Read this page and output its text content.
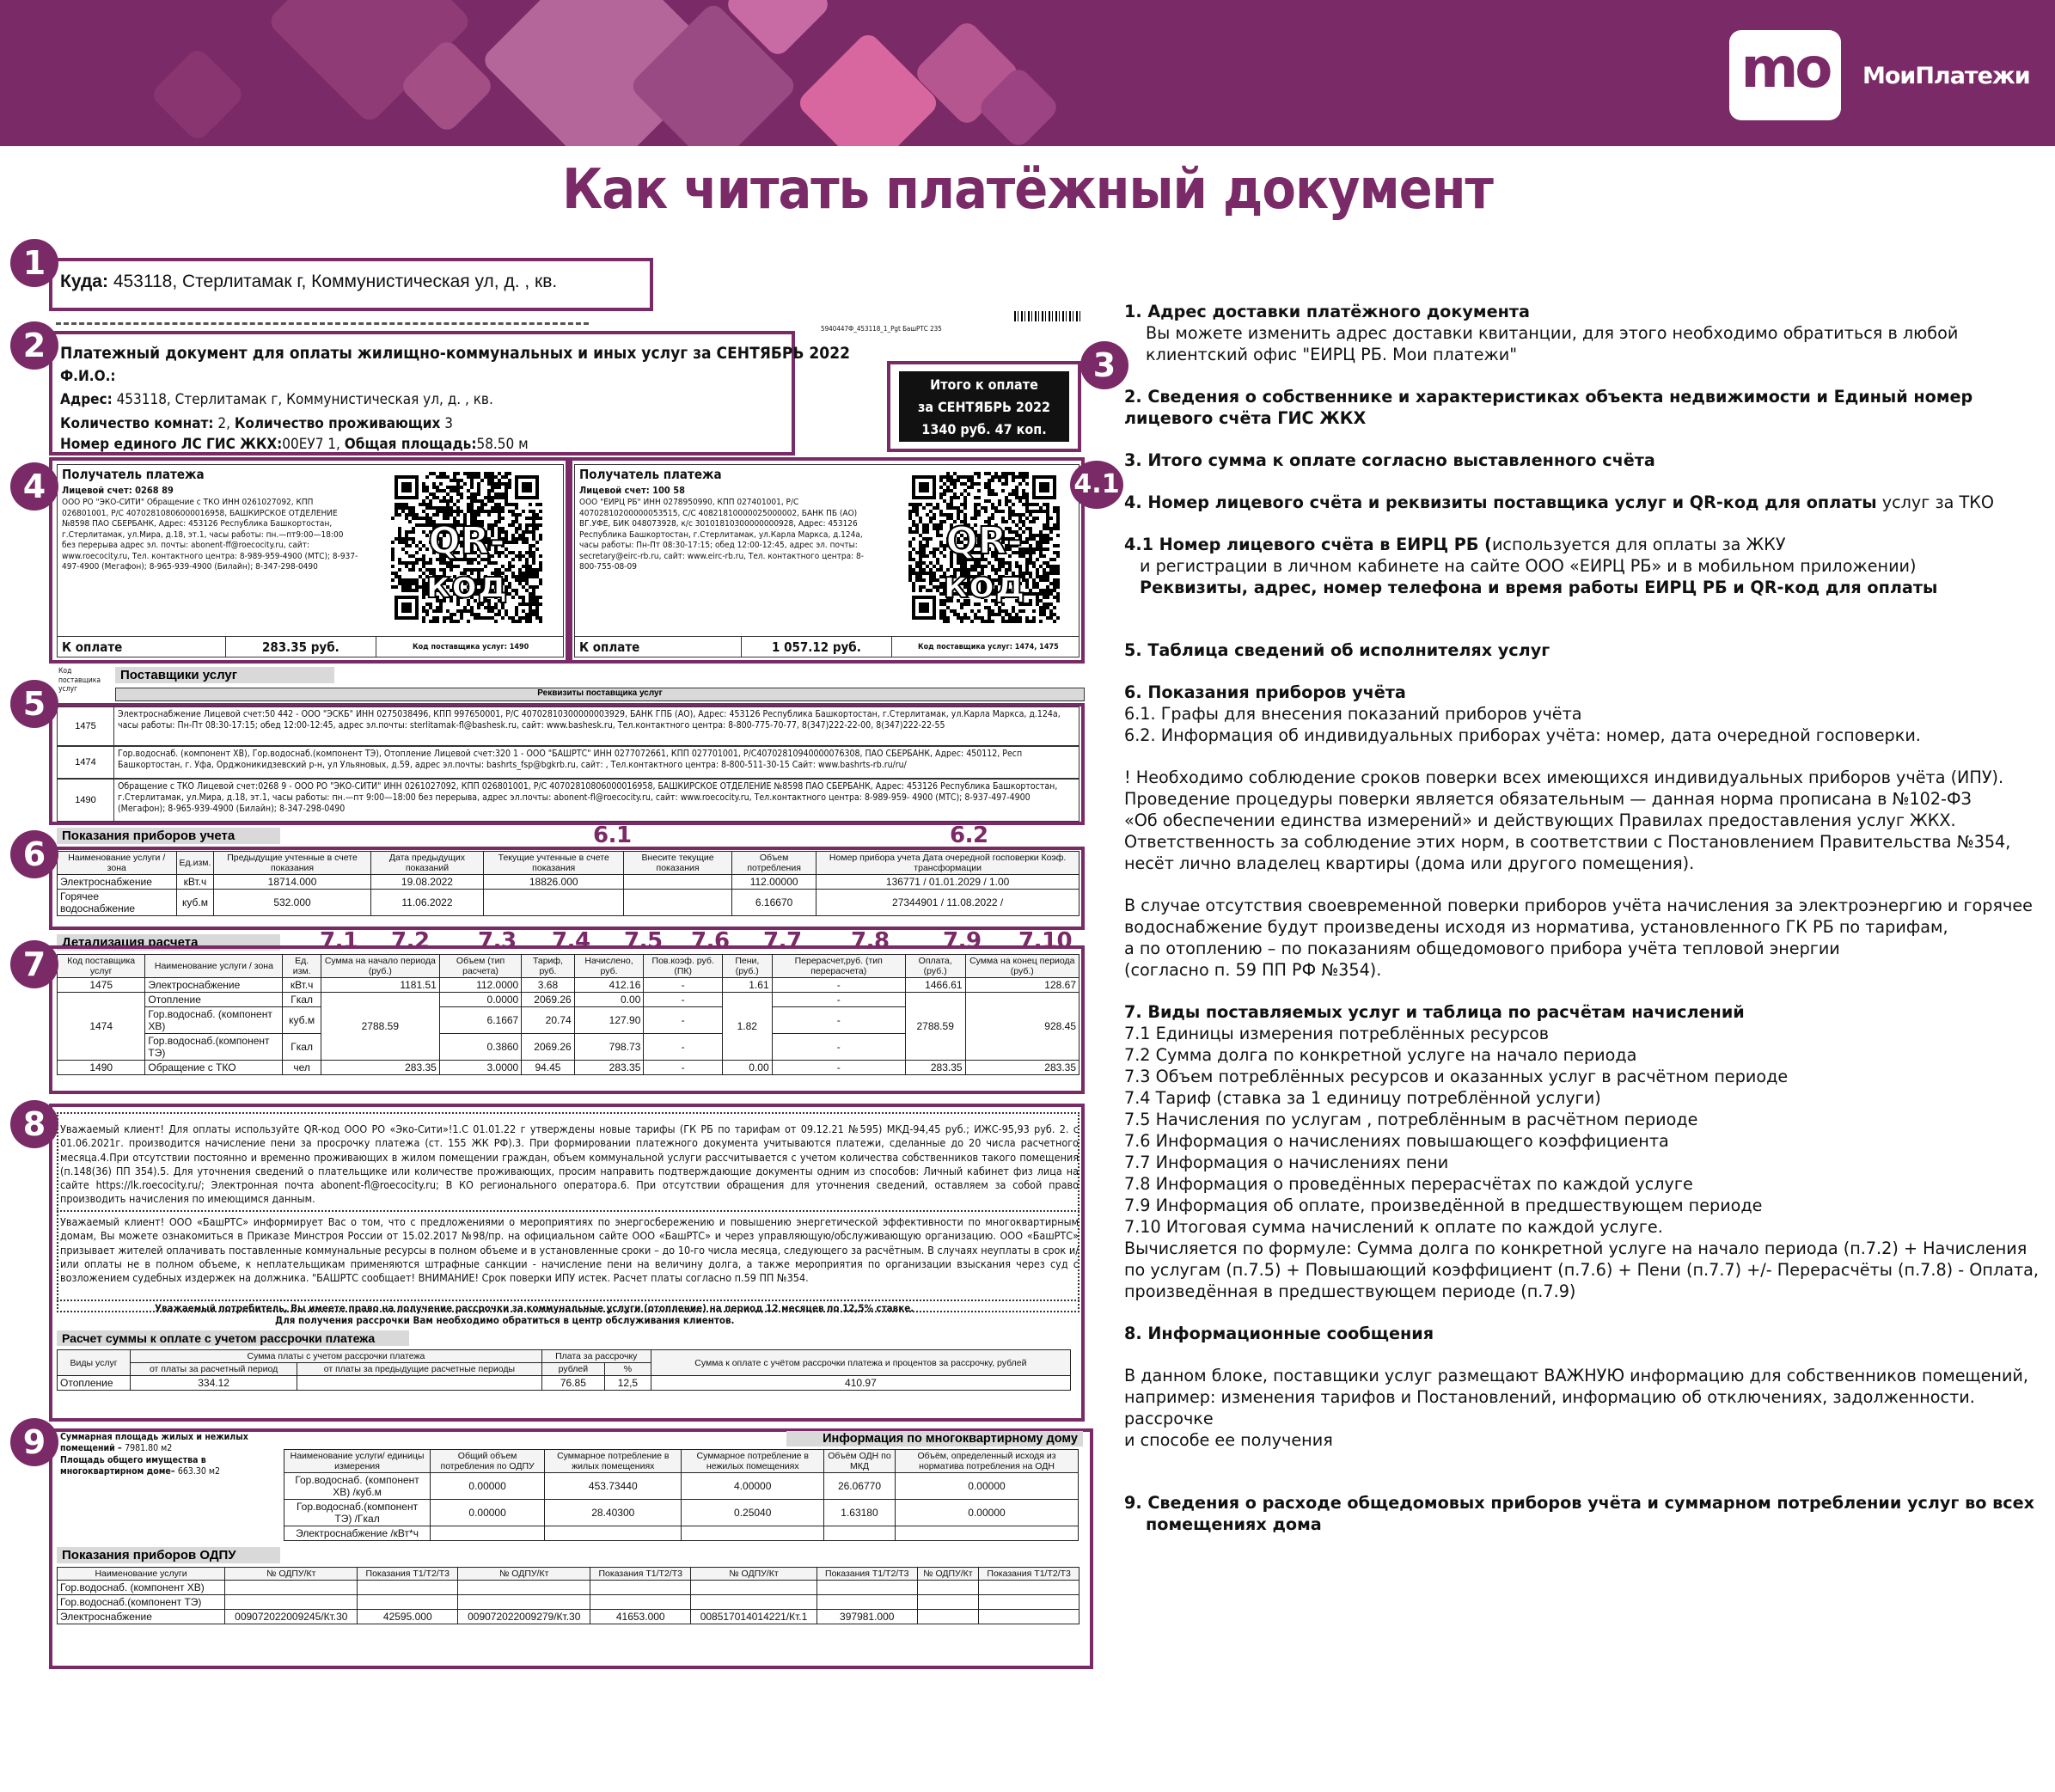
mo	МоиПлатежи
Как читать платёжный документ
Куда: 453118, Стерлитамак г, Коммунистическая ул, д. , кв.
5940447Ф_453118_1_Pgt БашРТС 235
Платежный документ для оплаты жилищно-коммунальных и иных услуг за СЕНТЯБРЬ 2022
Ф.И.О.:
Адрес: 453118, Стерлитамак г, Коммунистическая ул, д. , кв.
Количество комнат: 2, Количество проживающих 3
Номер единого ЛС ГИС ЖКХ:00ЕУ7 1, Общая площадь:58.50 м
Итого к оплате
за СЕНТЯБРЬ 2022
1340 руб. 47 коп.
Получатель платежа
Лицевой счет: 0268 89
ООО РО "ЭКО-СИТИ" Обращение с ТКО ИНН 0261027092, КПП 026801001, Р/С 40702810806000016958, БАШКИРСКОЕ ОТДЕЛЕНИЕ №8598 ПАО СБЕРБАНК, Адрес: 453126 Республика Башкортостан, г.Стерлитамак, ул.Мира, д.18, эт.1, часы работы: пн.—пт9:00—18:00 без перерыва адрес эл. почты: abonent-ff@roecocity.ru, сайт: www.roecocity.ru, Тел. контактного центра: 8-989-959-4900 (МТС); 8-937-497-4900 (Мегафон); 8-965-939-4900 (Билайн); 8-347-298-0490
QR-код
К оплате	283.35 руб.	Код поставщика услуг: 1490
Получатель платежа
Лицевой счет: 100 58
ООО "ЕИРЦ РБ" ИНН 0278950990, КПП 027401001, Р/С 40702810200000053515, С/С 40821810000025000002, БАНК ПБ (АО) ВГ.УФЕ, БИК 048073928, к/с 30101810300000000928, Адрес: 453126 Республика Башкортостан, г.Стерлитамак, ул.Карла Маркса, д.124а, часы работы: Пн-Пт 08:30-17:15; обед 12:00-12:45, адрес эл. почты: secretary@eirc-rb.ru, сайт: www.eirc-rb.ru, Тел. контактного центра: 8-800-755-08-09
QR-код
К оплате	1 057.12 руб.	Код поставщика услуг: 1474, 1475
Код поставщика услуг
Поставщики услуг
Реквизиты поставщика услуг
1475
Электроснабжение Лицевой счет:50 442 - ООО "ЭСКБ" ИНН 0275038496, КПП 997650001, Р/С 40702810300000003929, БАНК ГПБ (АО), Адрес: 453126 Республика Башкортостан, г.Стерлитамак, ул.Карла Маркса, д.124а, часы работы: Пн-Пт 08:30-17:15; обед 12:00-12:45, адрес эл.почты: sterlitamak-fl@bashesk.ru, сайт: www.bashesk.ru, Тел.контактного центра: 8-800-775-70-77, 8(347)222-22-00, 8(347)222-22-55
1474
Гор.водоснаб. (компонент ХВ), Гор.водоснаб.(компонент ТЭ), Отопление Лицевой счет:320 1 - ООО "БАШРТС" ИНН 0277072661, КПП 027701001, Р/С40702810940000076308, ПАО СБЕРБАНК, Адрес: 450112, Респ Башкортостан, г. Уфа, Орджоникидзевский р-н, ул Ульяновых, д.59, адрес эл.почты: bashrts_fsp@bgkrb.ru, сайт: , Тел.контактного центра: 8-800-511-30-15 Сайт: www.bashrts-rb.ru/ru/
1490
Обращение с ТКО Лицевой счет:0268 9 - ООО РО "ЭКО-СИТИ" ИНН 0261027092, КПП 026801001, Р/С 40702810806000016958, БАШКИРСКОЕ ОТДЕЛЕНИЕ №8598 ПАО СБЕРБАНК, Адрес: 453126 Республика Башкортостан, г.Стерлитамак, ул.Мира, д.18, эт.1, часы работы: пн.—пт 9:00—18:00 без перерыва, адрес эл.почты: abonent-fl@roecocity.ru, сайт: www.roecocity.ru, Тел.контактного центра: 8-989-959- 4900 (МТС); 8-937-497-4900 (Мегафон); 8-965-939-4900 (Билайн); 8-347-298-0490
Показания приборов учета
Наименование услуги / зона	Ед.изм.	Предыдущие учтенные в счете показания	Дата предыдущих показаний	Текущие учтенные в счете показания	Внесите текущие показания	Объем потребления	Номер прибора учета Дата очередной госповерки Коэф. трансформации
Электроснабжение	кВт.ч	18714.000	19.08.2022	18826.000		112.00000	136771 / 01.01.2029 / 1.00
Горячее водоснабжение	куб.м	532.000	11.06.2022			6.16670	27344901 / 11.08.2022 /
Детализация расчета
Код поставщика услуг	Наименование услуги / зона	Ед. изм.	Сумма на начало периода (руб.)	Объем (тип расчета)	Тариф, руб.	Начислено, руб.	Пов.коэф. руб. (ПК)	Пени, (руб.)	Перерасчет,руб. (тип перерасчета)	Оплата, (руб.)	Сумма на конец периода (руб.)
1475	Электроснабжение	кВт.ч	1181.51	112.0000	3.68	412.16	-	1.61	-	1466.61	128.67
1474	Отопление	Гкал	2788.59	0.0000	2069.26	0.00	-	1.82	-	2788.59	928.45
	Гор.водоснаб. (компонент ХВ)	куб.м		6.1667	20.74	127.90	-		-		
	Гор.водоснаб.(компонент ТЭ)	Гкал		0.3860	2069.26	798.73	-		-		
1490	Обращение с ТКО	чел	283.35	3.0000	94.45	283.35	-	0.00	-	283.35	283.35
Уважаемый клиент! Для оплаты используйте QR-код ООО РО «Эко-Сити»!1.С 01.01.22 г утверждены новые тарифы (ГК РБ по тарифам от 09.12.21 №595) МКД-94,45 руб.; ИЖС-95,93 руб. 2. с 01.06.2021г. производится начисление пени за просрочку платежа (ст. 155 ЖК РФ).3. При формировании платежного документа учитываются платежи, сделанные до 20 числа расчетного месяца.4.При отсутствии постоянно и временно проживающих в жилом помещении граждан, объем коммунальной услуги рассчитывается с учетом количества собственников такого помещения (п.148(36) ПП 354).5. Для уточнения сведений о плательщике или количестве проживающих, просим направить подтверждающие документы одним из способов: Личный кабинет физ лица на сайте https://lk.roecocity.ru/; Электронная почта abonent-fl@roecocity.ru; В КО регионального оператора.6. При отсутствии обращения для уточнения сведений, оставляем за собой право производить начисления по имеющимся данным.
Уважаемый клиент! ООО «БашРТС» информирует Вас о том, что с предложениями о мероприятиях по энергосбережению и повышению энергетической эффективности по многоквартирным домам, Вы можете ознакомиться в Приказе Минстроя России от 15.02.2017 №98/пр. на официальном сайте ООО «БашРТС» и через управляющую/обслуживающую организацию. ООО «БашРТС» призывает жителей оплачивать поставленные коммунальные ресурсы в полном объеме и в установленные сроки – до 10-го числа месяца, следующего за расчётным. В случаях неуплаты в срок и/или оплаты не в полном объеме, к неплательщикам применяются штрафные санкции - начисление пени на величину долга, а также мероприятия по организации взыскания через суд с возложением судебных издержек на должника. "БАШРТС сообщает! ВНИМАНИЕ! Срок поверки ИПУ истек. Расчет платы согласно п.59 ПП №354.
Уважаемый потребитель, Вы имеете право на получение рассрочки за коммунальные услуги (отопление) на период 12 месяцев по 12,5% ставке.
Для получения рассрочки Вам необходимо обратиться в центр обслуживания клиентов.
Расчет суммы к оплате с учетом рассрочки платежа
Виды услуг	Сумма платы с учетом рассрочки платежа		Плата за рассрочку		Сумма к оплате с учётом рассрочки платежа и процентов за рассрочку, рублей
	от платы за расчетный период	от платы за предыдущие расчетные периоды	рублей	%	
Отопление	334.12		76.85	12,5	410.97
Суммарная площадь жилых и нежилых помещений – 7981.80 м2
Площадь общего имущества в многоквартирном доме– 663.30 м2
Информация по многоквартирному дому
Наименование услуги/ единицы измерения	Общий объем потребления по ОДПУ	Суммарное потребление в жилых помещениях	Суммарное потребление в нежилых помещениях	Объём ОДН по МКД	Объём, определенный исходя из норматива потребления на ОДН
Гор.водоснаб. (компонент ХВ) /куб.м	0.00000	453.73440	4.00000	26.06770	0.00000
Гор.водоснаб.(компонент ТЭ) /Гкал	0.00000	28.40300	0.25040	1.63180	0.00000
Электроснабжение /кВт*ч					
Показания приборов ОДПУ
Наименование услуги	№ ОДПУ/Кт	Показания Т1/Т2/Т3	№ ОДПУ/Кт	Показания Т1/Т2/Т3	№ ОДПУ/Кт	Показания Т1/Т2/Т3	№ ОДПУ/Кт	Показания Т1/Т2/Т3
Гор.водоснаб. (компонент ХВ)								
Гор.водоснаб.(компонент ТЭ)								
Электроснабжение	009072022009245/Кт.30	42595.000	009072022009279/Кт.30	41653.000	008517014014221/Кт.1	397981.000		
1
2
3
4	4.1
5
6
7
8
9
6.1	6.2
7.1 7.2 7.3 7.4 7.5 7.6 7.7 7.8 7.9 7.10

1. Адрес доставки платёжного документа

Вы можете изменить адрес доставки квитанции, для этого необходимо обратиться в любой клиентский офис "ЕИРЦ РБ. Мои платежи"

2. Сведения о собственнике и характеристиках объекта недвижимости и Единый номер лицевого счёта ГИС ЖКХ

3. Итого сумма к оплате согласно выставленного счёта

4. Номер лицевого счёта и реквизиты поставщика услуг и QR-код для оплаты услуг за ТКО

4.1 Номер лицевого счёта в ЕИРЦ РБ (используется для оплаты за ЖКУ

и регистрации в личном кабинете на сайте ООО «ЕИРЦ РБ» и в мобильном приложении)

Реквизиты, адрес, номер телефона и время работы ЕИРЦ РБ и QR-код для оплаты

5. Таблица сведений об исполнителях услуг

6. Показания приборов учёта

6.1. Графы для внесения показаний приборов учёта

6.2. Информация об индивидуальных приборах учёта: номер, дата очередной госповерки.

! Необходимо соблюдение сроков поверки всех имеющихся индивидуальных приборов учёта (ИПУ).

Проведение процедуры поверки является обязательным — данная норма прописана в №102-ФЗ

«Об обеспечении единства измерений» и действующих Правилах предоставления услуг ЖКХ.

Ответственность за соблюдение этих норм, в соответствии с Постановлением Правительства №354,

несёт лично владелец квартиры (дома или другого помещения).

В случае отсутствия своевременной поверки приборов учёта начисления за электроэнергию и горячее

водоснабжение будут произведены исходя из норматива, установленного ГК РБ по тарифам,

а по отоплению – по показаниям общедомового прибора учёта тепловой энергии

(согласно п. 59 ПП РФ №354).

7. Виды поставляемых услуг и таблица по расчётам начислений

7.1 Единицы измерения потреблённых ресурсов

7.2 Сумма долга по конкретной услуге на начало периода

7.3 Объем потреблённых ресурсов и оказанных услуг в расчётном периоде

7.4 Тариф (ставка за 1 единицу потреблённой услуги)

7.5 Начисления по услугам , потреблённым в расчётном периоде

7.6 Информация о начислениях повышающего коэффициента

7.7 Информация о начислениях пени

7.8 Информация о проведённых перерасчётах по каждой услуге

7.9 Информация об оплате, произведённой в предшествующем периоде

7.10 Итоговая сумма начислений к оплате по каждой услуге.

Вычисляется по формуле: Сумма долга по конкретной услуге на начало периода (п.7.2) + Начисления

по услугам (п.7.5) + Повышающий коэффициент (п.7.6) + Пени (п.7.7) +/- Перерасчёты (п.7.8) - Оплата,

произведённая в предшествующем периоде (п.7.9)

8. Информационные сообщения

В данном блоке, поставщики услуг размещают ВАЖНУЮ информацию для собственников помещений,

например: изменения тарифов и Постановлений, информацию об отключениях, задолженности. рассрочке

и способе ее получения

9. Сведения о расходе общедомовых приборов учёта и суммарном потреблении услуг во всех

помещениях дома
